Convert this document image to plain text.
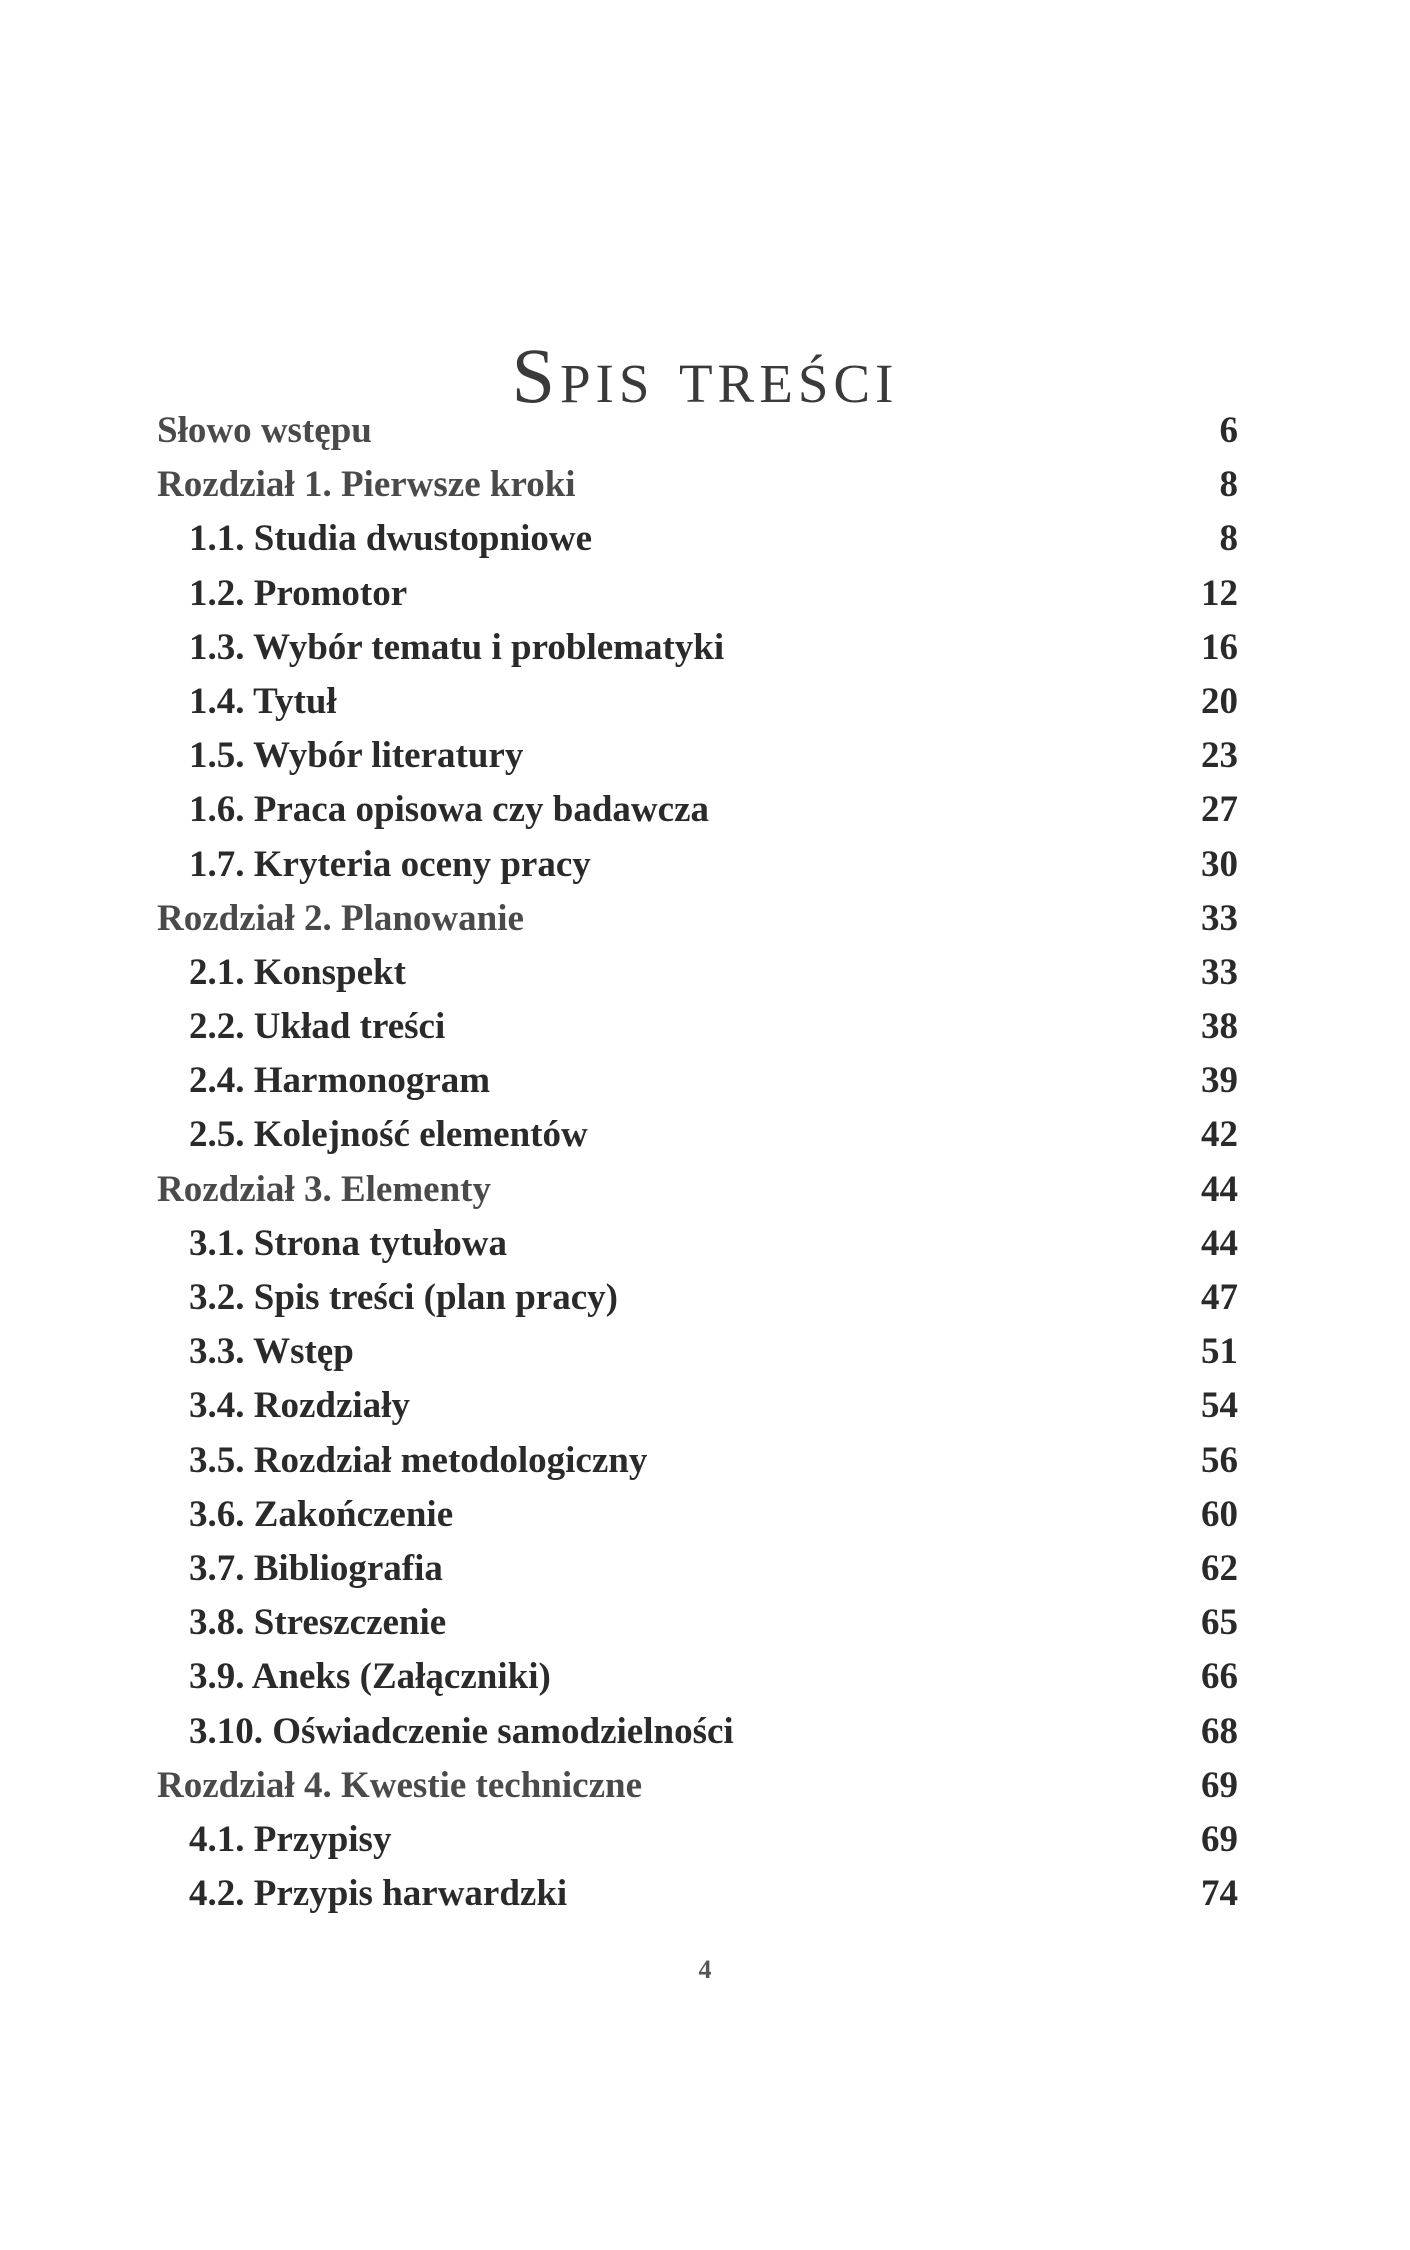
Spis treści
Słowo wstępu	6
Rozdział 1. Pierwsze kroki	8
1.1. Studia dwustopniowe	8
1.2. Promotor	12
1.3. Wybór tematu i problematyki	16
1.4. Tytuł	20
1.5. Wybór literatury	23
1.6. Praca opisowa czy badawcza	27
1.7. Kryteria oceny pracy	30
Rozdział 2. Planowanie	33
2.1. Konspekt	33
2.2. Układ treści	38
2.4. Harmonogram	39
2.5. Kolejność elementów	42
Rozdział 3. Elementy	44
3.1. Strona tytułowa	44
3.2. Spis treści (plan pracy)	47
3.3. Wstęp	51
3.4. Rozdziały	54
3.5. Rozdział metodologiczny	56
3.6. Zakończenie	60
3.7. Bibliografia	62
3.8. Streszczenie	65
3.9. Aneks (Załączniki)	66
3.10. Oświadczenie samodzielności	68
Rozdział 4. Kwestie techniczne	69
4.1. Przypisy	69
4.2. Przypis harwardzki	74
4
